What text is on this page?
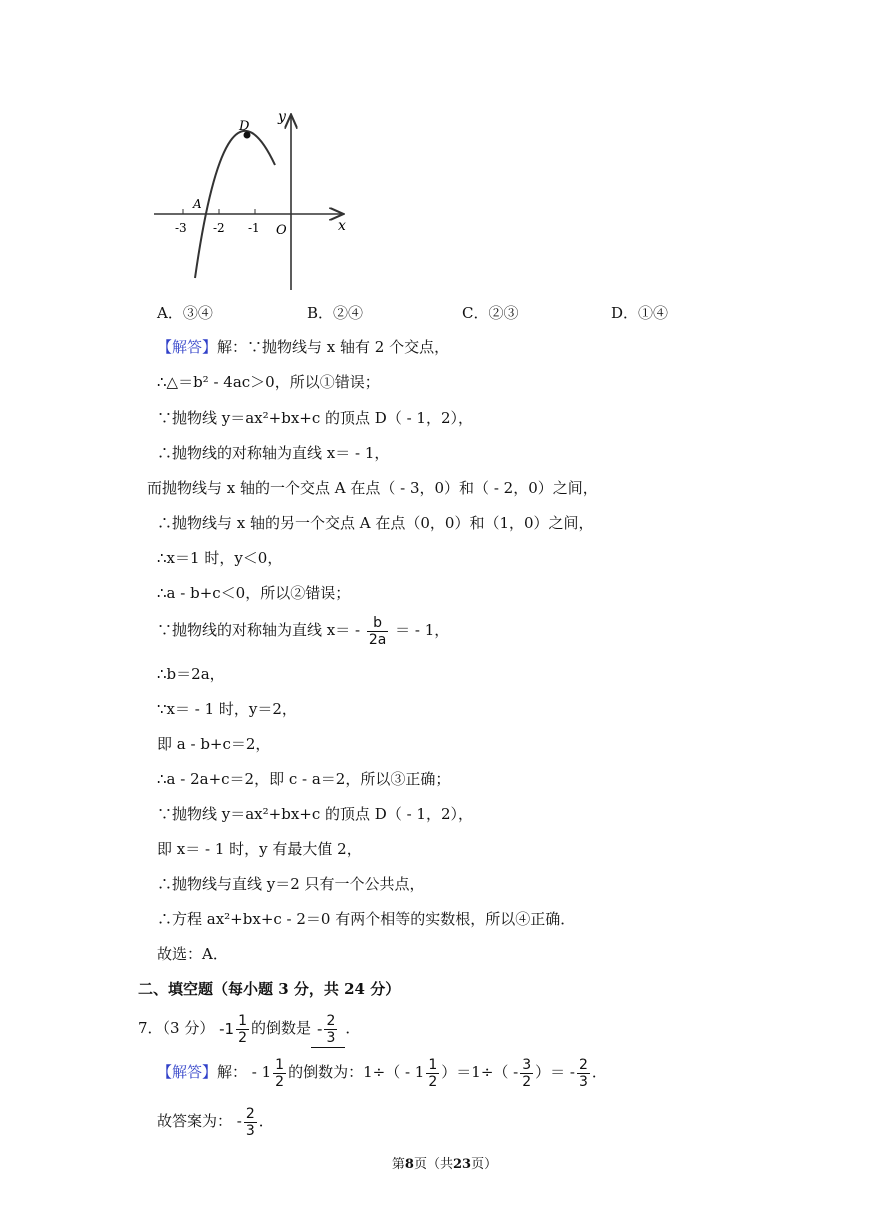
D
y
x
O
A
-3 -2 -1
A．③④	B．②④	C．②③	D．①④
【解答】解：∵抛物线与 x 轴有 2 个交点，
∴△＝b² - 4ac＞0，所以①错误；
∵抛物线 y＝ax²+bx+c 的顶点 D（ - 1，2），
∴抛物线的对称轴为直线 x＝ - 1，
而抛物线与 x 轴的一个交点 A 在点（ - 3，0）和（ - 2，0）之间，
∴抛物线与 x 轴的另一个交点 A 在点（0，0）和（1，0）之间，
∴x＝1 时，y＜0，
∴a - b+c＜0，所以②错误；
∵抛物线的对称轴为直线 $x= - \frac{b}{2a}$ ＝ - 1，
∴b＝2a，
∵x＝ - 1 时，y＝2，
即 a - b+c＝2，
∴a - 2a+c＝2，即 c - a＝2，所以③正确；
∵抛物线 y＝ax²+bx+c 的顶点 D（ - 1，2），
即 x＝ - 1 时，y 有最大值 2，
∴抛物线与直线 y＝2 只有一个公共点，
∴方程 ax²+bx+c - 2＝0 有两个相等的实数根，所以④正确．
故选：A．
二、填空题（每小题 3 分，共 24 分）
7．（3 分） $-1 \frac{1}{2}$ 的倒数是 - $\frac{2}{3}$ ．
【解答】解： - $1 \frac{1}{2}$ 的倒数为：$1\div( - 1 \frac{1}{2} )=1\div( - \frac{3}{2}$ ）＝ - $\frac{2}{3}$ ．
故答案为： - $\frac{2}{3}$ ．
第8页（共23页）
